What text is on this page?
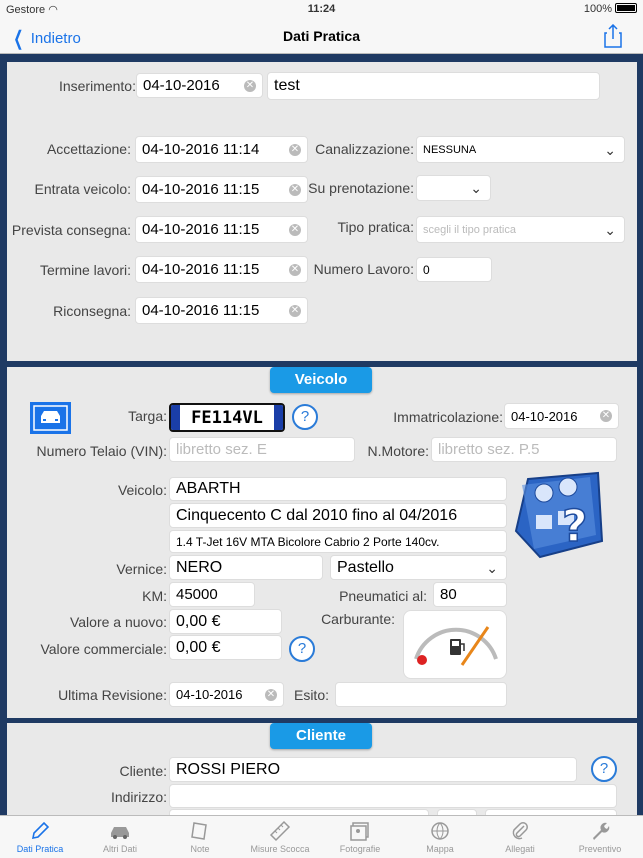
Gestore ◠	11:24	100%
❮ Indietro	Dati Pratica
Inserimento: 04-10-2016	✕	test
Accettazione: 04-10-2016 11:14	✕ Canalizzazione: NESSUNA	⌄
Entrata veicolo: 04-10-2016 11:15	✕ Su prenotazione:	⌄
Prevista consegna: 04-10-2016 11:15	✕	Tipo pratica: scegli il tipo pratica	⌄
Termine lavori: 04-10-2016 11:15	✕ Numero Lavoro: 0
Riconsegna: 04-10-2016 11:15	✕
Veicolo
Targa:	FE114VL	?	Immatricolazione: 04-10-2016 ✕
Numero Telaio (VIN): libretto sez. E	N.Motore: libretto sez. P.5
Veicolo: ABARTH
Cinquecento C dal 2010 fino al 04/2016
1.4 T-Jet 16V MTA Bicolore Cabrio 2 Porte 140cv.	?
Vernice: NERO	Pastello	⌄
KM: 45000	Pneumatici al: 80
Valore a nuovo: 0,00 €	Carburante:
Valore commerciale: 0,00 €	?
Ultima Revisione: 04-10-2016 ✕ Esito:
Cliente
Cliente: ROSSI PIERO	?
Indirizzo:
Dati Pratica	Altri Dati	Note	Misure Scocca	Fotografie	Mappa	Allegati	Preventivo
